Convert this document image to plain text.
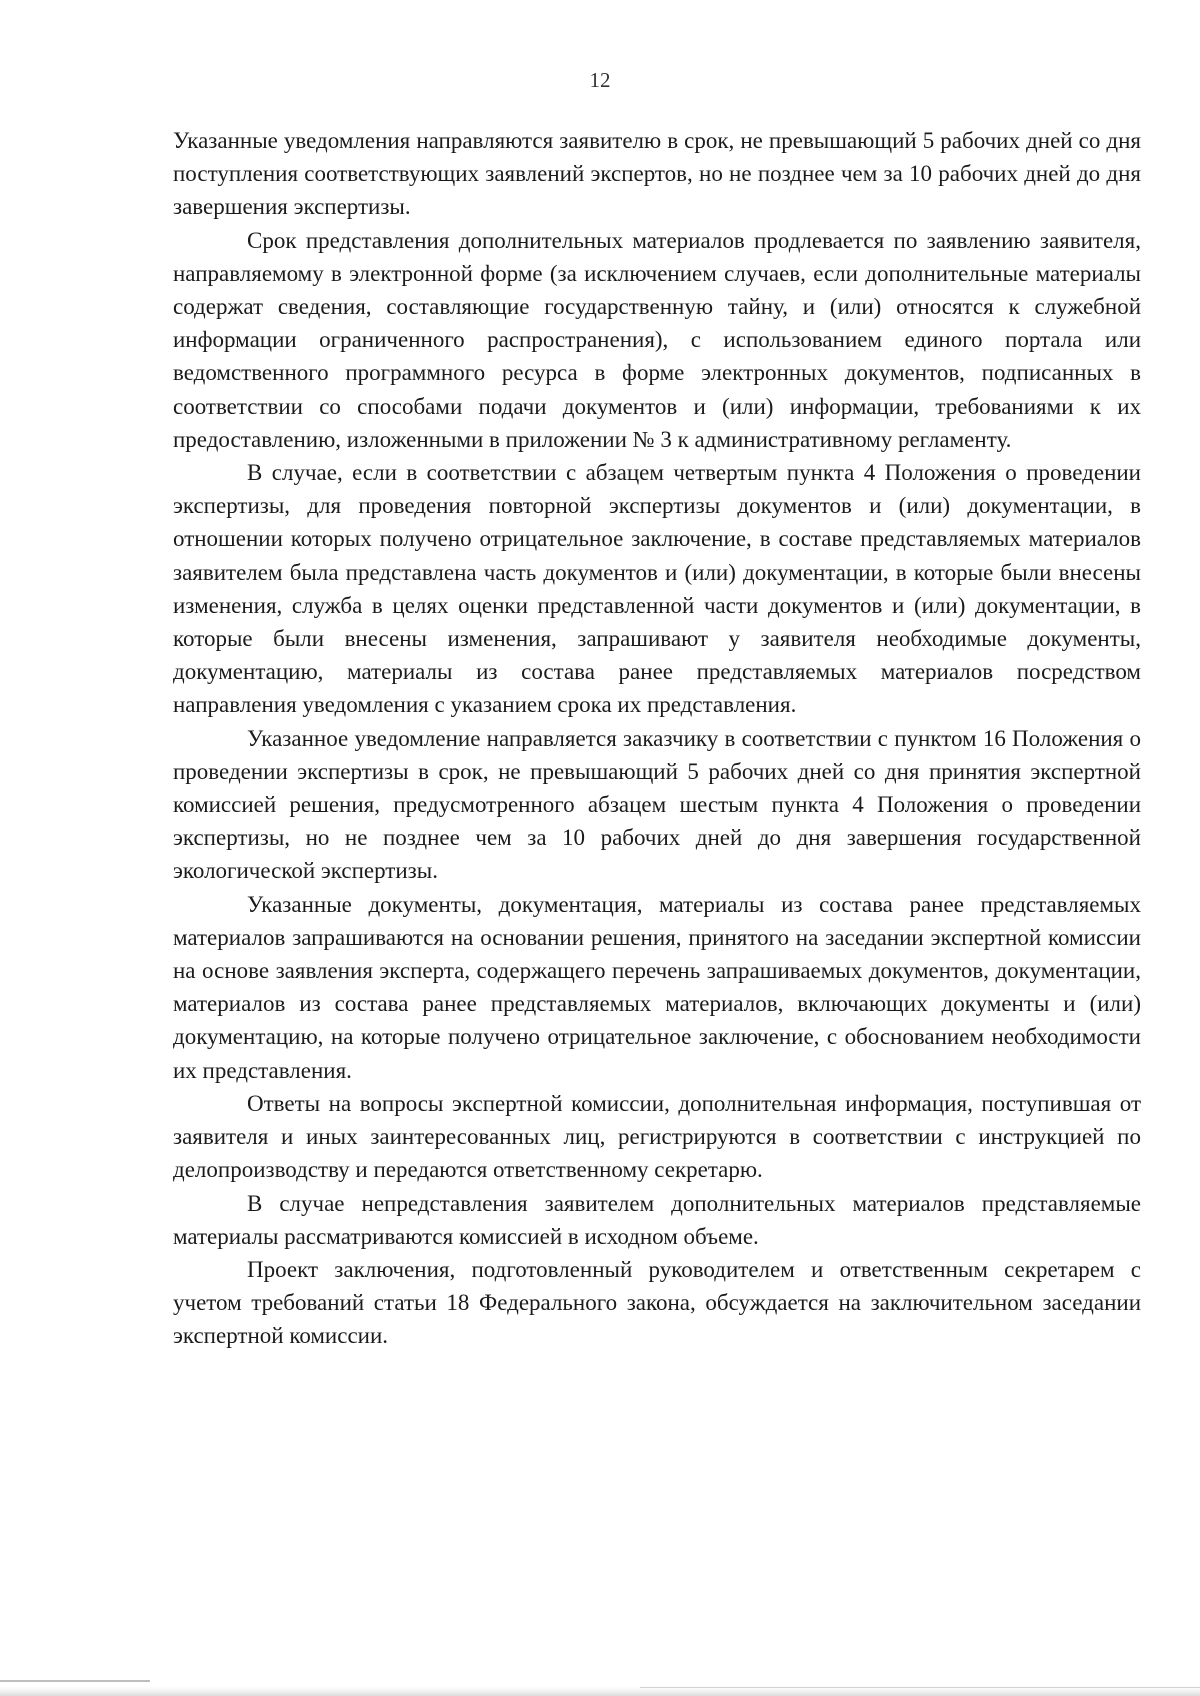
12

Указанные уведомления направляются заявителю в срок, не превышающий 5 рабочих дней со дня поступления соответствующих заявлений экспертов, но не позднее чем за 10 рабочих дней до дня завершения экспертизы.

Срок представления дополнительных материалов продлевается по заявлению заявителя, направляемому в электронной форме (за исключением случаев, если дополнительные материалы содержат сведения, составляющие государственную тайну, и (или) относятся к служебной информации ограниченного распространения), с использованием единого портала или ведомственного программного ресурса в форме электронных документов, подписанных в соответствии со способами подачи документов и (или) информации, требованиями к их предоставлению, изложенными в приложении № 3 к административному регламенту.

В случае, если в соответствии с абзацем четвертым пункта 4 Положения о проведении экспертизы, для проведения повторной экспертизы документов и (или) документации, в отношении которых получено отрицательное заключение, в составе представляемых материалов заявителем была представлена часть документов и (или) документации, в которые были внесены изменения, служба в целях оценки представленной части документов и (или) документации, в которые были внесены изменения, запрашивают у заявителя необходимые документы, документацию, материалы из состава ранее представляемых материалов посредством направления уведомления с указанием срока их представления.

Указанное уведомление направляется заказчику в соответствии с пунктом 16 Положения о проведении экспертизы в срок, не превышающий 5 рабочих дней со дня принятия экспертной комиссией решения, предусмотренного абзацем шестым пункта 4 Положения о проведении экспертизы, но не позднее чем за 10 рабочих дней до дня завершения государственной экологической экспертизы.

Указанные документы, документация, материалы из состава ранее представляемых материалов запрашиваются на основании решения, принятого на заседании экспертной комиссии на основе заявления эксперта, содержащего перечень запрашиваемых документов, документации, материалов из состава ранее представляемых материалов, включающих документы и (или) документацию, на которые получено отрицательное заключение, с обоснованием необходимости их представления.

Ответы на вопросы экспертной комиссии, дополнительная информация, поступившая от заявителя и иных заинтересованных лиц, регистрируются в соответствии с инструкцией по делопроизводству и передаются ответственному секретарю.

В случае непредставления заявителем дополнительных материалов представляемые материалы рассматриваются комиссией в исходном объеме.

Проект заключения, подготовленный руководителем и ответственным секретарем с учетом требований статьи 18 Федерального закона, обсуждается на заключительном заседании экспертной комиссии.
